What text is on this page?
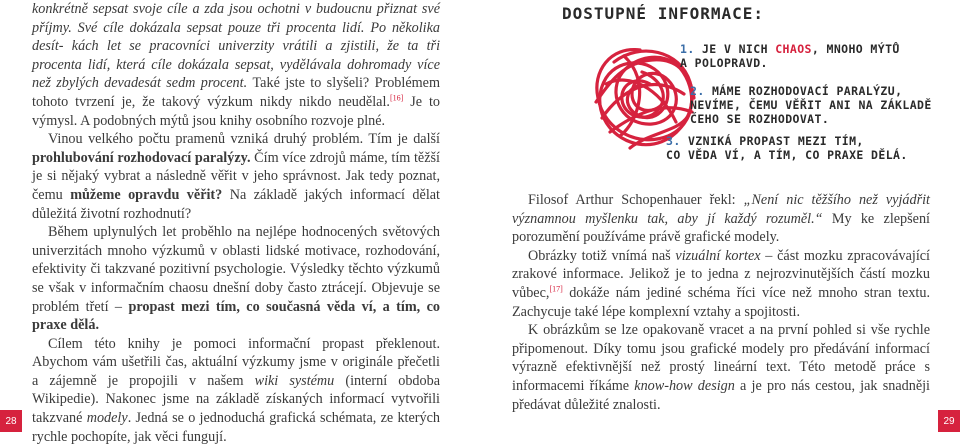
konkrétně sepsat svoje cíle a zda jsou ochotni v budoucnu přiznat své příjmy. Své cíle dokázala sepsat pouze tři procenta lidí. Po několika desít- kách let se pracovníci univerzity vrátili a zjistili, že ta tři procenta lidí, která cíle dokázala sepsat, vydělávala dohromady více než zbylých devadesát sedm procent. Také jste to slyšeli? Problémem tohoto tvrzení je, že takový výzkum nikdy nikdo neudělal.[16] Je to výmysl. A podobných mýtů jsou knihy osobního rozvoje plné.

Vinou velkého počtu pramenů vzniká druhý problém. Tím je další prohlubování rozhodovací paralýzy. Čím více zdrojů máme, tím těžší je si nějaký vybrat a následně věřit v jeho správnost. Jak tedy poznat, čemu můžeme opravdu věřit? Na základě jakých informací dělat důležitá životní rozhodnutí?

Během uplynulých let proběhlo na nejlépe hodnocených světových univerzitách mnoho výzkumů v oblasti lidské motivace, rozhodování, efektivity či takzvané pozitivní psychologie. Výsledky těchto výzkumů se však v informačním chaosu dnešní doby často ztrácejí. Objevuje se problém třetí – propast mezi tím, co současná věda ví, a tím, co praxe dělá.

Cílem této knihy je pomoci informační propast překlenout. Abychom vám ušetřili čas, aktuální výzkumy jsme v originále přečetli a zájemně je propojili v našem wiki systému (interní obdoba Wikipedie). Nakonec jsme na základě získaných informací vytvořili takzvané modely. Jedná se o jednoduchá grafická schémata, ze kterých rychle pochopíte, jak věci fungují.

28
DOSTUPNÉ INFORMACE:
1. JE V NICH CHAOS, MNOHO MÝTŮ
A POLOPRAVD.
2. MÁME ROZHODOVACÍ PARALÝZU,
NEVÍME, ČEMU VĚŘIT ANI NA ZÁKLADĚ ČEHO SE ROZHODOVAT.
3. VZNIKÁ PROPAST MEZI TÍM,
CO VĚDA VÍ, A TÍM, CO PRAXE DĚLÁ.

Filosof Arthur Schopenhauer řekl: „Není nic těžšího než vyjádřit významnou myšlenku tak, aby jí každý rozuměl.“ My ke zlepšení porozumění používáme právě grafické modely.

Obrázky totiž vnímá naš vizuální kortex – část mozku zpracovávající zrakové informace. Jelikož je to jedna z nejrozvinutějších částí mozku vůbec,[17] dokáže nám jediné schéma říci více než mnoho stran textu. Zachycuje také lépe komplexní vztahy a spojitosti.

K obrázkům se lze opakovaně vracet a na první pohled si vše rychle připomenout. Díky tomu jsou grafické modely pro předávání informací výrazně efektivnější než prostý lineární text. Této metodě práce s informacemi říkáme know-how design a je pro nás cestou, jak snadněji předávat důležité znalosti.

29
